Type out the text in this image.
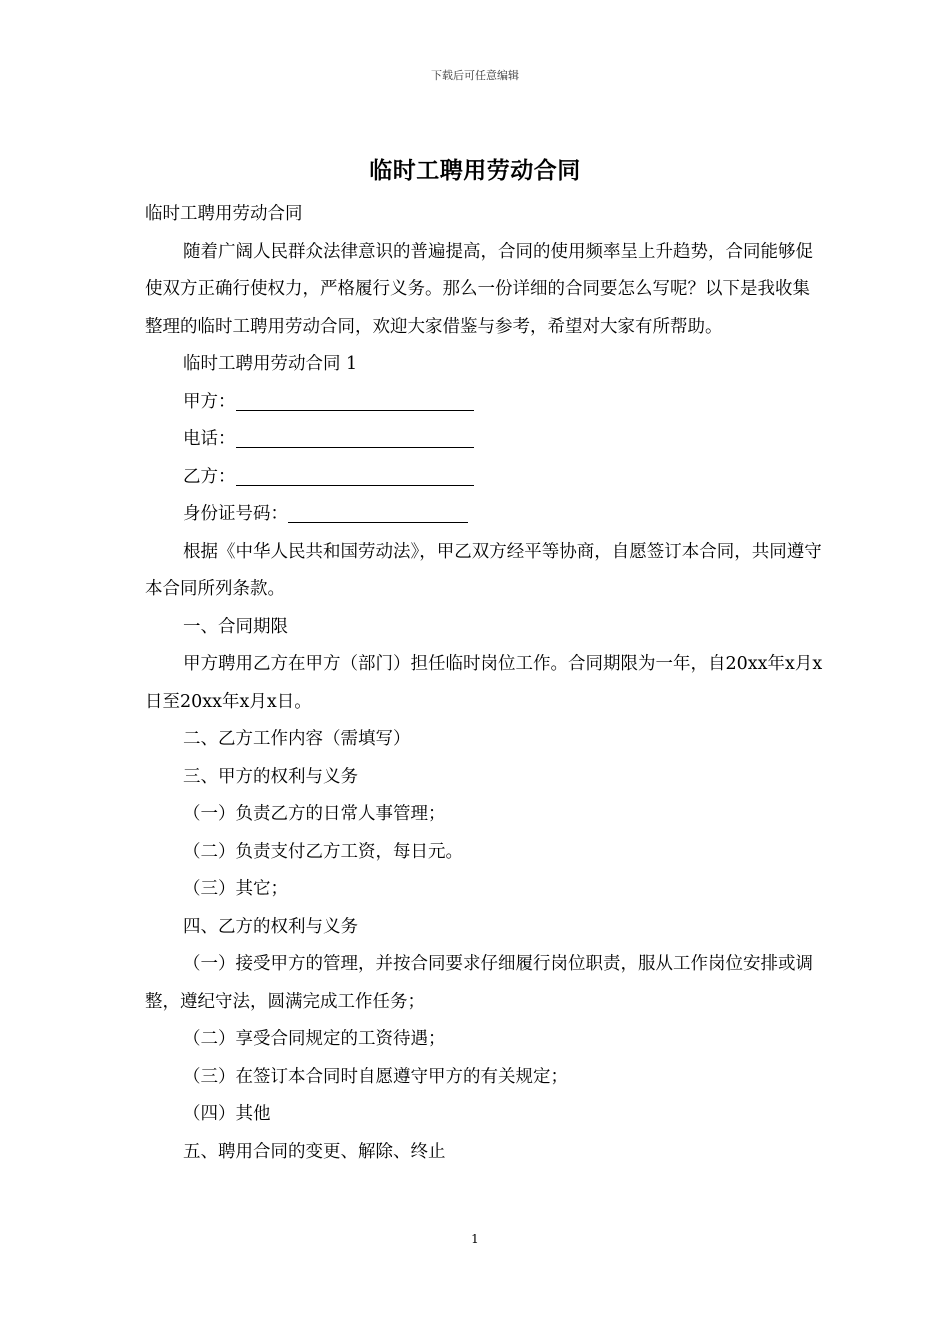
下载后可任意编辑
临时工聘用劳动合同

临时工聘用劳动合同

随着广阔人民群众法律意识的普遍提高，合同的使用频率呈上升趋势，合同能够促使双方正确行使权力，严格履行义务。那么一份详细的合同要怎么写呢？以下是我收集整理的临时工聘用劳动合同，欢迎大家借鉴与参考，希望对大家有所帮助。

临时工聘用劳动合同 1

甲方：

电话：

乙方：

身份证号码：

根据《中华人民共和国劳动法》，甲乙双方经平等协商，自愿签订本合同，共同遵守本合同所列条款。

一、合同期限

甲方聘用乙方在甲方（部门）担任临时岗位工作。合同期限为一年，自20xx年x月x日至20xx年x月x日。

二、乙方工作内容（需填写）

三、甲方的权利与义务

（一）负责乙方的日常人事管理；

（二）负责支付乙方工资，每日元。

（三）其它；

四、乙方的权利与义务

（一）接受甲方的管理，并按合同要求仔细履行岗位职责，服从工作岗位安排或调整，遵纪守法，圆满完成工作任务；

（二）享受合同规定的工资待遇；

（三）在签订本合同时自愿遵守甲方的有关规定；

（四）其他

五、聘用合同的变更、解除、终止

1
